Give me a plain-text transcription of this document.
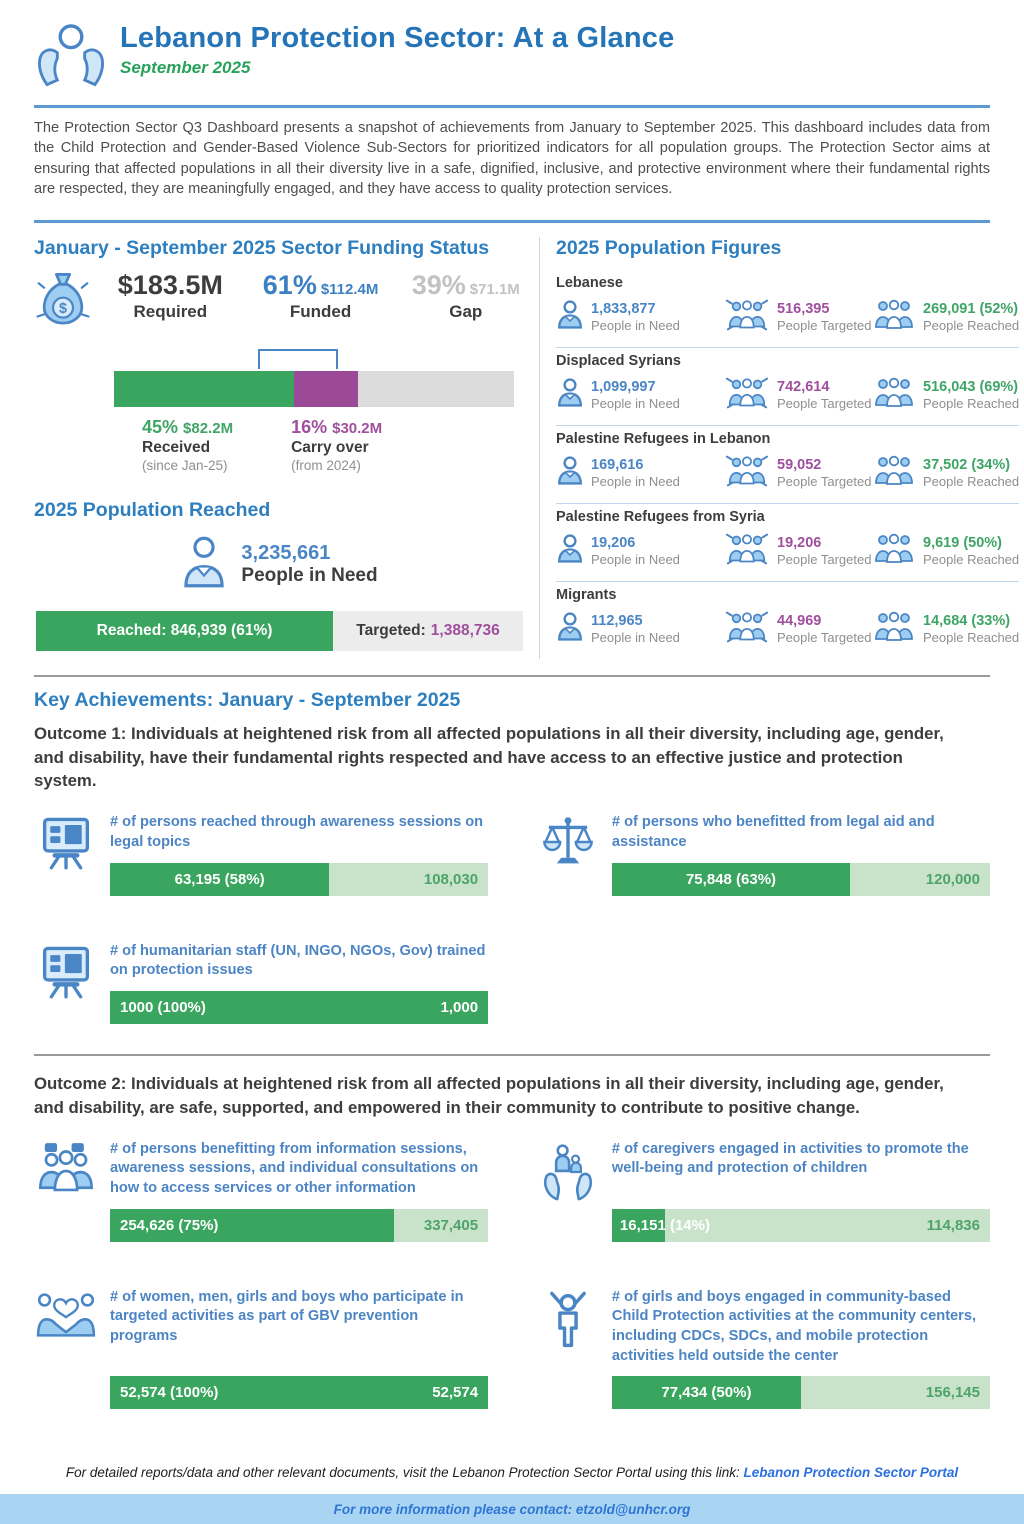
Lebanon Protection Sector: At a Glance
September 2025

The Protection Sector Q3 Dashboard presents a snapshot of achievements from January to September 2025. This dashboard includes data from the Child Protection and Gender-Based Violence Sub-Sectors for prioritized indicators for all population groups. The Protection Sector aims at ensuring that affected populations in all their diversity live in a safe, dignified, inclusive, and protective environment where their fundamental rights are respected, they are meaningfully engaged, and they have access to quality protection services.

January - September 2025 Sector Funding Status
$
$183.5M
Required
61% $112.4M
Funded
39% $71.1M
Gap
45% $82.2M
Received
(since Jan-25)
16% $30.2M
Carry over
(from 2024)
2025 Population Reached
3,235,661
People in Need
Reached: 846,939 (61%)	Targeted: 1,388,736
2025 Population Figures
Lebanese
1,833,877
People in Need
516,395
People Targeted
269,091 (52%)
People Reached
Displaced Syrians
1,099,997
People in Need
742,614
People Targeted
516,043 (69%)
People Reached
Palestine Refugees in Lebanon
169,616
People in Need
59,052
People Targeted
37,502 (34%)
People Reached
Palestine Refugees from Syria
19,206
People in Need
19,206
People Targeted
9,619 (50%)
People Reached
Migrants
112,965
People in Need
44,969
People Targeted
14,684 (33%)
People Reached
Key Achievements: January - September 2025

Outcome 1: Individuals at heightened risk from all affected populations in all their diversity, including age, gender, and disability, have their fundamental rights respected and have access to an effective justice and protection system.

# of persons reached through awareness sessions on legal topics
63,195 (58%)	108,030
# of persons who benefitted from legal aid and assistance
75,848 (63%)	120,000
# of humanitarian staff (UN, INGO, NGOs, Gov) trained on protection issues
1000 (100%)	1,000

Outcome 2: Individuals at heightened risk from all affected populations in all their diversity, including age, gender, and disability, are safe, supported, and empowered in their community to contribute to positive change.

# of persons benefitting from information sessions, awareness sessions, and individual consultations on how to access services or other information
254,626 (75%)	337,405
# of caregivers engaged in activities to promote the well-being and protection of children
16,151 (14%)	114,836
# of women, men, girls and boys who participate in targeted activities as part of GBV prevention programs
52,574 (100%)	52,574
# of girls and boys engaged in community-based Child Protection activities at the community centers, including CDCs, SDCs, and mobile protection activities held outside the center
77,434 (50%)	156,145

For detailed reports/data and other relevant documents, visit the Lebanon Protection Sector Portal using this link: Lebanon Protection Sector Portal

For more information please contact: etzold@unhcr.org
